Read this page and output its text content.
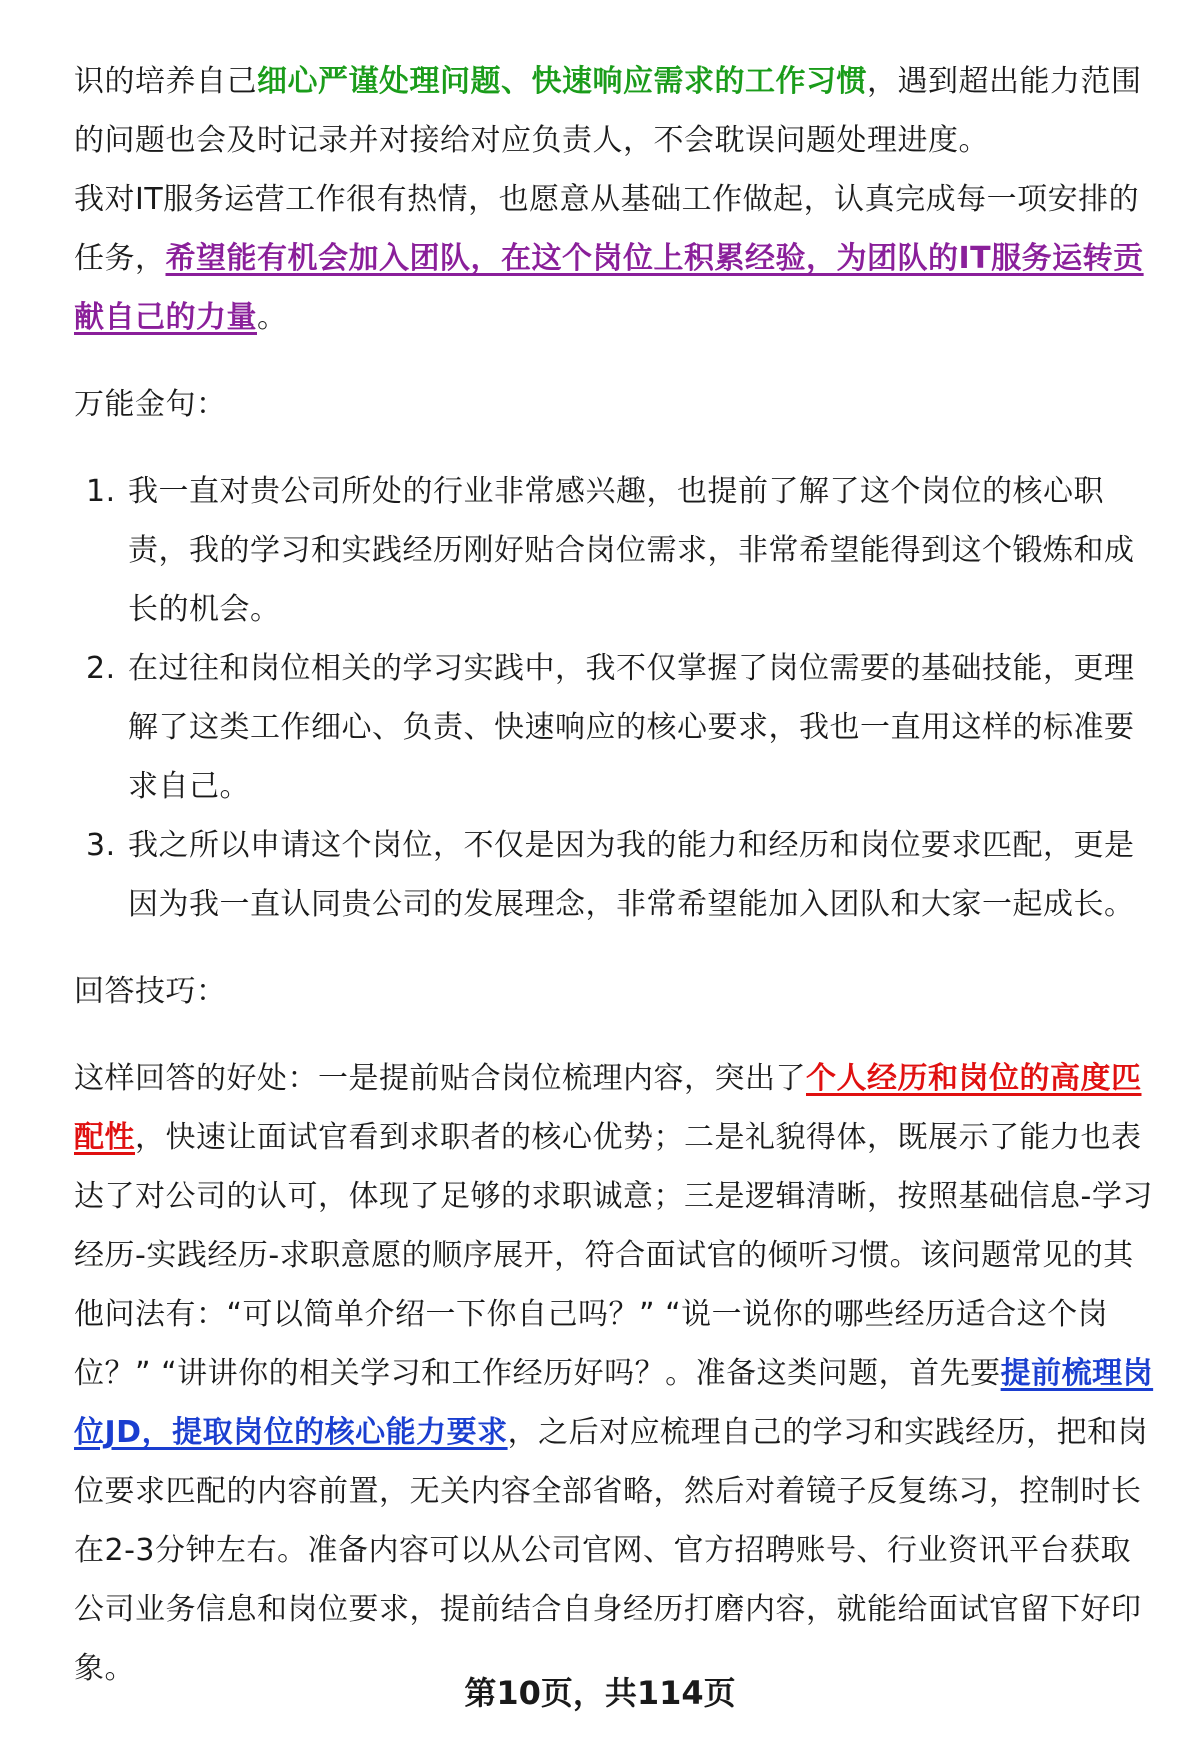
识的培养自己细心严谨处理问题、快速响应需求的工作习惯，遇到超出能力范围的问题也会及时记录并对接给对应负责人，不会耽误问题处理进度。

我对IT服务运营工作很有热情，也愿意从基础工作做起，认真完成每一项安排的任务，希望能有机会加入团队，在这个岗位上积累经验，为团队的IT服务运转贡献自己的力量。

万能金句：

1. 我一直对贵公司所处的行业非常感兴趣，也提前了解了这个岗位的核心职责，我的学习和实践经历刚好贴合岗位需求，非常希望能得到这个锻炼和成长的机会。
2. 在过往和岗位相关的学习实践中，我不仅掌握了岗位需要的基础技能，更理解了这类工作细心、负责、快速响应的核心要求，我也一直用这样的标准要求自己。
3. 我之所以申请这个岗位，不仅是因为我的能力和经历和岗位要求匹配，更是因为我一直认同贵公司的发展理念，非常希望能加入团队和大家一起成长。

回答技巧：

这样回答的好处：一是提前贴合岗位梳理内容，突出了个人经历和岗位的高度匹配性，快速让面试官看到求职者的核心优势；二是礼貌得体，既展示了能力也表达了对公司的认可，体现了足够的求职诚意；三是逻辑清晰，按照基础信息-学习经历-实践经历-求职意愿的顺序展开，符合面试官的倾听习惯。该问题常见的其他问法有：“可以简单介绍一下你自己吗？” “说一说你的哪些经历适合这个岗位？” “讲讲你的相关学习和工作经历好吗？。准备这类问题，首先要提前梳理岗位JD，提取岗位的核心能力要求，之后对应梳理自己的学习和实践经历，把和岗位要求匹配的内容前置，无关内容全部省略，然后对着镜子反复练习，控制时长在2-3分钟左右。准备内容可以从公司官网、官方招聘账号、行业资讯平台获取公司业务信息和岗位要求，提前结合自身经历打磨内容，就能给面试官留下好印象。

第10页，共114页
